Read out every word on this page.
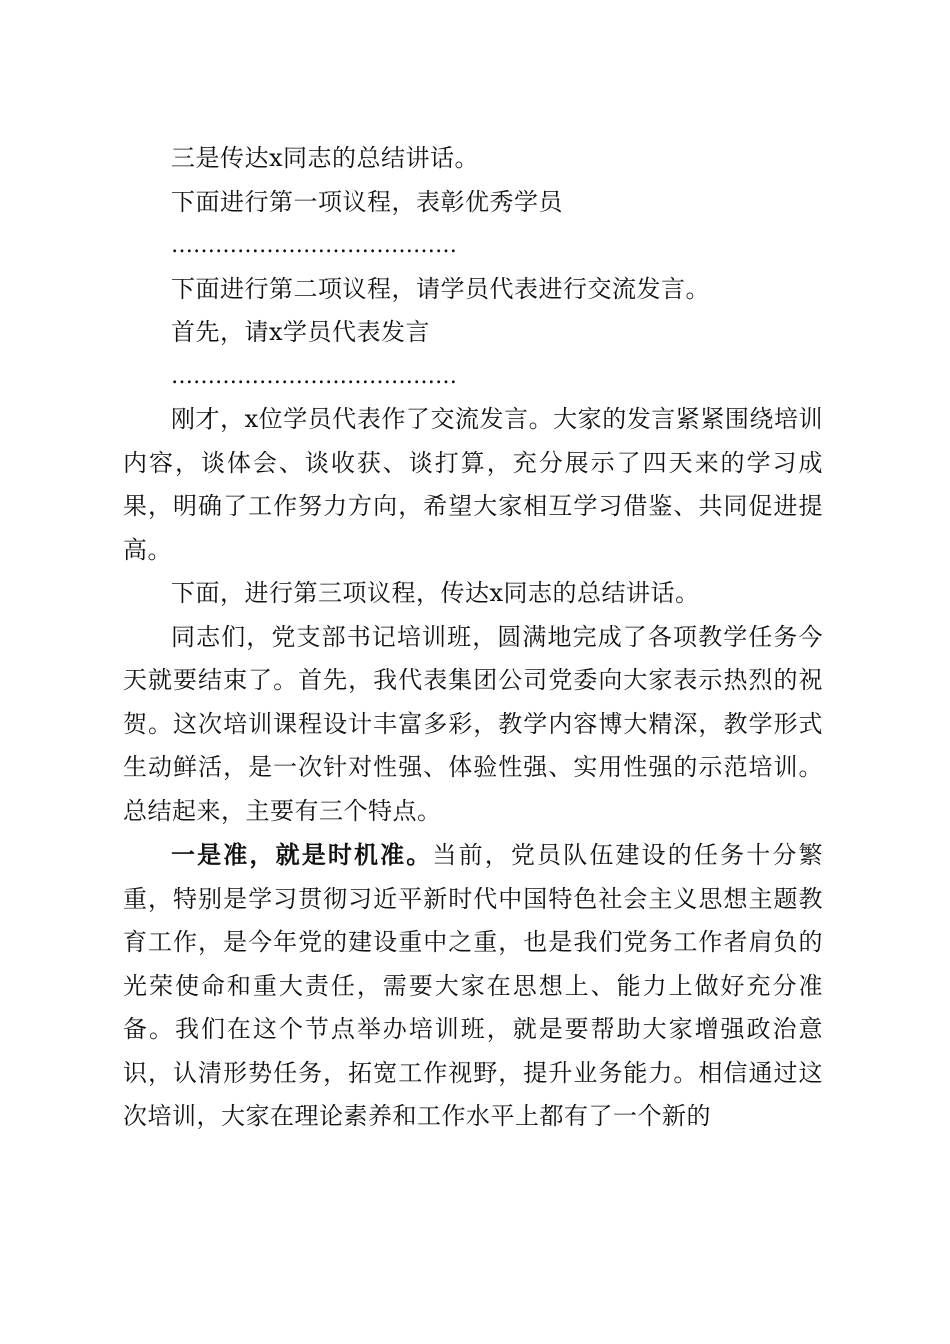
三是传达x同志的总结讲话。
下面进行第一项议程，表彰优秀学员
…………………………………
下面进行第二项议程，请学员代表进行交流发言。
首先，请x学员代表发言
…………………………………

刚才，x位学员代表作了交流发言。大家的发言紧紧围绕培训内容，谈体会、谈收获、谈打算，充分展示了四天来的学习成果，明确了工作努力方向，希望大家相互学习借鉴、共同促进提高。

下面，进行第三项议程，传达x同志的总结讲话。

同志们，党支部书记培训班，圆满地完成了各项教学任务今天就要结束了。首先，我代表集团公司党委向大家表示热烈的祝贺。这次培训课程设计丰富多彩，教学内容博大精深，教学形式生动鲜活，是一次针对性强、体验性强、实用性强的示范培训。总结起来，主要有三个特点。

一是准，就是时机准。当前，党员队伍建设的任务十分繁重，特别是学习贯彻习近平新时代中国特色社会主义思想主题教育工作，是今年党的建设重中之重，也是我们党务工作者肩负的光荣使命和重大责任，需要大家在思想上、能力上做好充分准备。我们在这个节点举办培训班，就是要帮助大家增强政治意识，认清形势任务，拓宽工作视野，提升业务能力。相信通过这次培训，大家在理论素养和工作水平上都有了一个新的
